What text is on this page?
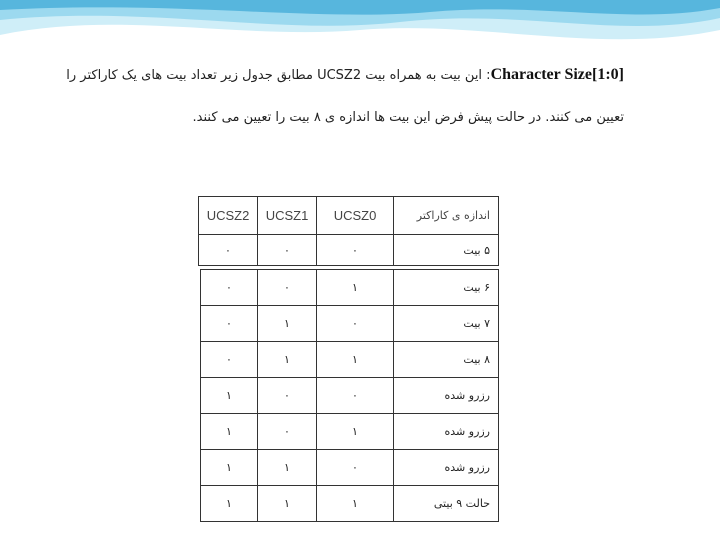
Character Size[1:0]: این بیت به همراه بیت UCSZ2 مطابق جدول زیر تعداد بیت های یک کاراکتر را
تعیین می کنند. در حالت پیش فرض این بیت ها اندازه ی ۸ بیت را تعیین می کنند.
UCSZ2	UCSZ1	UCSZ0	اندازه ی کاراکتر
۰	۰	۰	۵ بیت
۰	۰	۱	۶ بیت
۰	۱	۰	۷ بیت
۰	۱	۱	۸ بیت
۱	۰	۰	رزرو شده
۱	۰	۱	رزرو شده
۱	۱	۰	رزرو شده
۱	۱	۱	حالت ۹ بیتی
